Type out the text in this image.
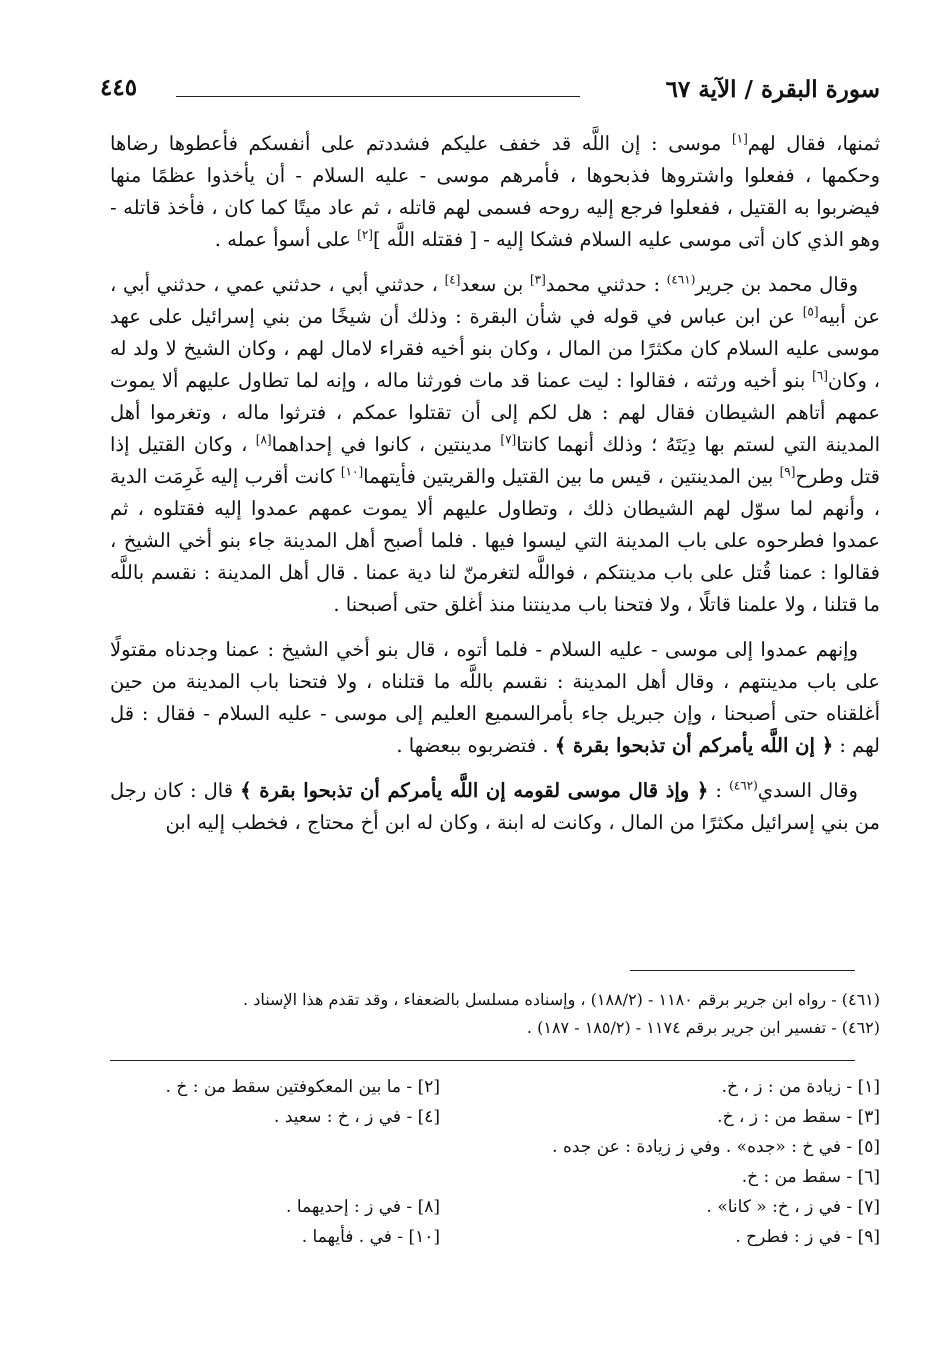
سورة البقرة / الآية ٦٧
٤٤٥

ثمنها، فقال لهم[١] موسى : إن اللَّه قد خفف عليكم فشددتم على أنفسكم فأعطوها رضاها وحكمها ، ففعلوا واشتروها فذبحوها ، فأمرهم موسى - عليه السلام - أن يأخذوا عظمًا منها فيضربوا به القتيل ، ففعلوا فرجع إليه روحه فسمى لهم قاتله ، ثم عاد ميتًا كما كان ، فأخذ قاتله - وهو الذي كان أتى موسى عليه السلام فشكا إليه - [ فقتله اللَّه ][٢] على أسوأ عمله .

وقال محمد بن جرير$^{(٤٦١)}$ : حدثني محمد[٣] بن سعد[٤] ، حدثني أبي ، حدثني عمي ، حدثني أبي ، عن أبيه[٥] عن ابن عباس في قوله في شأن البقرة : وذلك أن شيخًا من بني إسرائيل على عهد موسى عليه السلام كان مكثرًا من المال ، وكان بنو أخيه فقراء لامال لهم ، وكان الشيخ لا ولد له ، وكان[٦] بنو أخيه ورثته ، فقالوا : ليت عمنا قد مات فورثنا ماله ، وإنه لما تطاول عليهم ألا يموت عمهم أتاهم الشيطان فقال لهم : هل لكم إلى أن تقتلوا عمكم ، فترثوا ماله ، وتغرموا أهل المدينة التي لستم بها دِيَتَهُ ؛ وذلك أنهما كانتا[٧] مدينتين ، كانوا في إحداهما[٨] ، وكان القتيل إذا قتل وطرح[٩] بين المدينتين ، قيس ما بين القتيل والقريتين فأيتهما[١٠] كانت أقرب إليه غَرِمَت الدية ، وأنهم لما سوّل لهم الشيطان ذلك ، وتطاول عليهم ألا يموت عمهم عمدوا إليه فقتلوه ، ثم عمدوا فطرحوه على باب المدينة التي ليسوا فيها . فلما أصبح أهل المدينة جاء بنو أخي الشيخ ، فقالوا : عمنا قُتل على باب مدينتكم ، فواللَّه لتغرمنّ لنا دية عمنا . قال أهل المدينة : نقسم باللَّه ما قتلنا ، ولا علمنا قاتلًا ، ولا فتحنا باب مدينتنا منذ أغلق حتى أصبحنا .

وإنهم عمدوا إلى موسى - عليه السلام - فلما أتوه ، قال بنو أخي الشيخ : عمنا وجدناه مقتولًا على باب مدينتهم ، وقال أهل المدينة : نقسم باللَّه ما قتلناه ، ولا فتحنا باب المدينة من حين أغلقناه حتى أصبحنا ، وإن جبريل جاء بأمرالسميع العليم إلى موسى - عليه السلام - فقال : قل لهم : ﴿ إن اللَّه يأمركم أن تذبحوا بقرة ﴾ . فتضربوه ببعضها .

وقال السدي$^{(٤٦٢)}$ : ﴿ وإذ قال موسى لقومه إن اللَّه يأمركم أن تذبحوا بقرة ﴾ قال : كان رجل من بني إسرائيل مكثرًا من المال ، وكانت له ابنة ، وكان له ابن أخ محتاج ، فخطب إليه ابن

(٤٦١) - رواه ابن جرير برقم ١١٨٠ - (١٨٨/٢) ، وإسناده مسلسل بالضعفاء ، وقد تقدم هذا الإسناد .

(٤٦٢) - تفسير ابن جرير برقم ١١٧٤ - (١٨٥/٢ - ١٨٧) .

[١] - زيادة من : ز ، خ.
[٢] - ما بين المعكوفتين سقط من : خ .
[٣] - سقط من : ز ، خ.
[٤] - في ز ، خ : سعيد .
[٥] - في خ : «جده» . وفي ز زيادة : عن جده .
[٦] - سقط من : خ.
[٧] - في ز ، خ: « كانا» .
[٨] - في ز : إحديهما .
[٩] - في ز : فطرح .
[١٠] - في . فأيهما .
